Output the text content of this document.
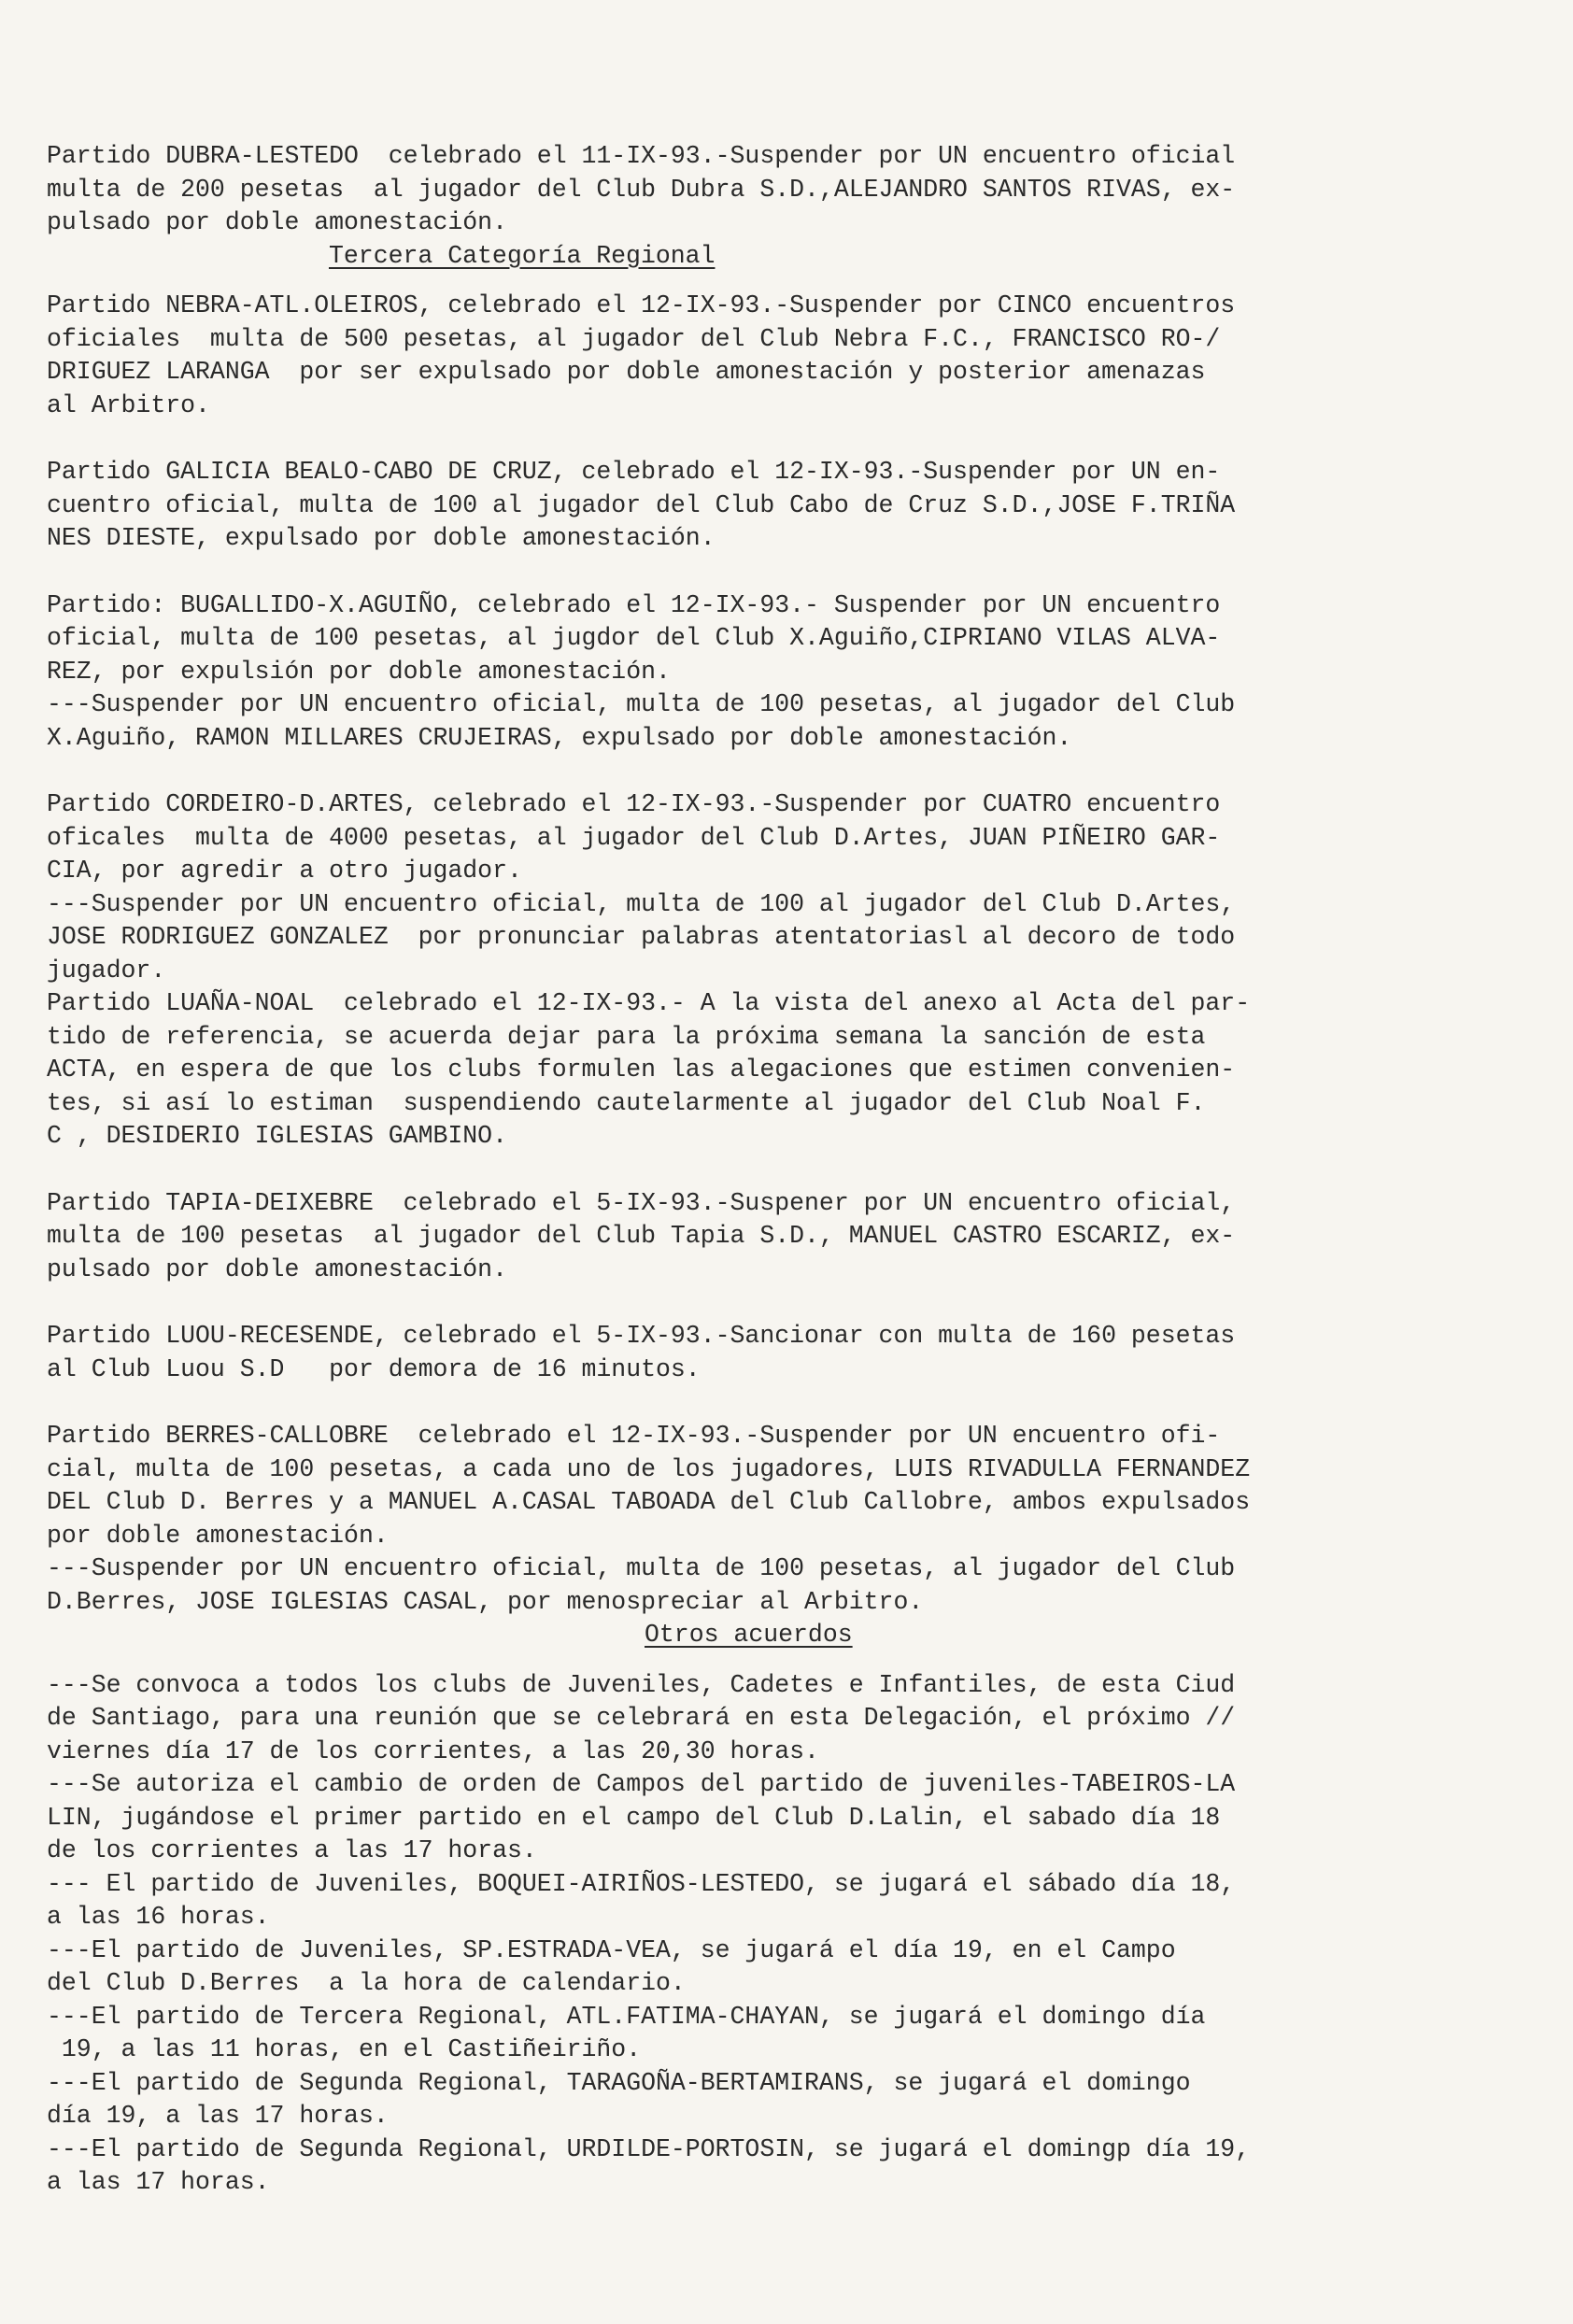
Partido DUBRA-LESTEDO  celebrado el 11-IX-93.-Suspender por UN encuentro oficial
multa de 200 pesetas  al jugador del Club Dubra S.D.,ALEJANDRO SANTOS RIVAS, ex-
pulsado por doble amonestación.
Tercera Categoría Regional
Partido NEBRA-ATL.OLEIROS, celebrado el 12-IX-93.-Suspender por CINCO encuentros
oficiales  multa de 500 pesetas, al jugador del Club Nebra F.C., FRANCISCO RO-/
DRIGUEZ LARANGA  por ser expulsado por doble amonestación y posterior amenazas
al Arbitro.
Partido GALICIA BEALO-CABO DE CRUZ, celebrado el 12-IX-93.-Suspender por UN en-
cuentro oficial, multa de 100 al jugador del Club Cabo de Cruz S.D.,JOSE F.TRIÑA
NES DIESTE, expulsado por doble amonestación.
Partido: BUGALLIDO-X.AGUIÑO, celebrado el 12-IX-93.- Suspender por UN encuentro
oficial, multa de 100 pesetas, al jugdor del Club X.Aguiño,CIPRIANO VILAS ALVA-
REZ, por expulsión por doble amonestación.
---Suspender por UN encuentro oficial, multa de 100 pesetas, al jugador del Club
X.Aguiño, RAMON MILLARES CRUJEIRAS, expulsado por doble amonestación.
Partido CORDEIRO-D.ARTES, celebrado el 12-IX-93.-Suspender por CUATRO encuentro
oficales  multa de 4000 pesetas, al jugador del Club D.Artes, JUAN PIÑEIRO GAR-
CIA, por agredir a otro jugador.
---Suspender por UN encuentro oficial, multa de 100 al jugador del Club D.Artes,
JOSE RODRIGUEZ GONZALEZ  por pronunciar palabras atentatoriasl al decoro de todo
jugador.
Partido LUAÑA-NOAL  celebrado el 12-IX-93.- A la vista del anexo al Acta del par-
tido de referencia, se acuerda dejar para la próxima semana la sanción de esta
ACTA, en espera de que los clubs formulen las alegaciones que estimen convenien-
tes, si así lo estiman  suspendiendo cautelarmente al jugador del Club Noal F.
C , DESIDERIO IGLESIAS GAMBINO.
Partido TAPIA-DEIXEBRE  celebrado el 5-IX-93.-Suspener por UN encuentro oficial,
multa de 100 pesetas  al jugador del Club Tapia S.D., MANUEL CASTRO ESCARIZ, ex-
pulsado por doble amonestación.
Partido LUOU-RECESENDE, celebrado el 5-IX-93.-Sancionar con multa de 160 pesetas
al Club Luou S.D   por demora de 16 minutos.
Partido BERRES-CALLOBRE  celebrado el 12-IX-93.-Suspender por UN encuentro ofi-
cial, multa de 100 pesetas, a cada uno de los jugadores, LUIS RIVADULLA FERNANDEZ
DEL Club D. Berres y a MANUEL A.CASAL TABOADA del Club Callobre, ambos expulsados
por doble amonestación.
---Suspender por UN encuentro oficial, multa de 100 pesetas, al jugador del Club
D.Berres, JOSE IGLESIAS CASAL, por menospreciar al Arbitro.
Otros acuerdos
---Se convoca a todos los clubs de Juveniles, Cadetes e Infantiles, de esta Ciud
de Santiago, para una reunión que se celebrará en esta Delegación, el próximo //
viernes día 17 de los corrientes, a las 20,30 horas.
---Se autoriza el cambio de orden de Campos del partido de juveniles-TABEIROS-LA
LIN, jugándose el primer partido en el campo del Club D.Lalin, el sabado día 18
de los corrientes a las 17 horas.
--- El partido de Juveniles, BOQUEI-AIRIÑOS-LESTEDO, se jugará el sábado día 18,
a las 16 horas.
---El partido de Juveniles, SP.ESTRADA-VEA, se jugará el día 19, en el Campo
del Club D.Berres  a la hora de calendario.
---El partido de Tercera Regional, ATL.FATIMA-CHAYAN, se jugará el domingo día
19, a las 11 horas, en el Castiñeiriño.
---El partido de Segunda Regional, TARAGOÑA-BERTAMIRANS, se jugará el domingo
día 19, a las 17 horas.
---El partido de Segunda Regional, URDILDE-PORTOSIN, se jugará el domingp día 19,
a las 17 horas.
